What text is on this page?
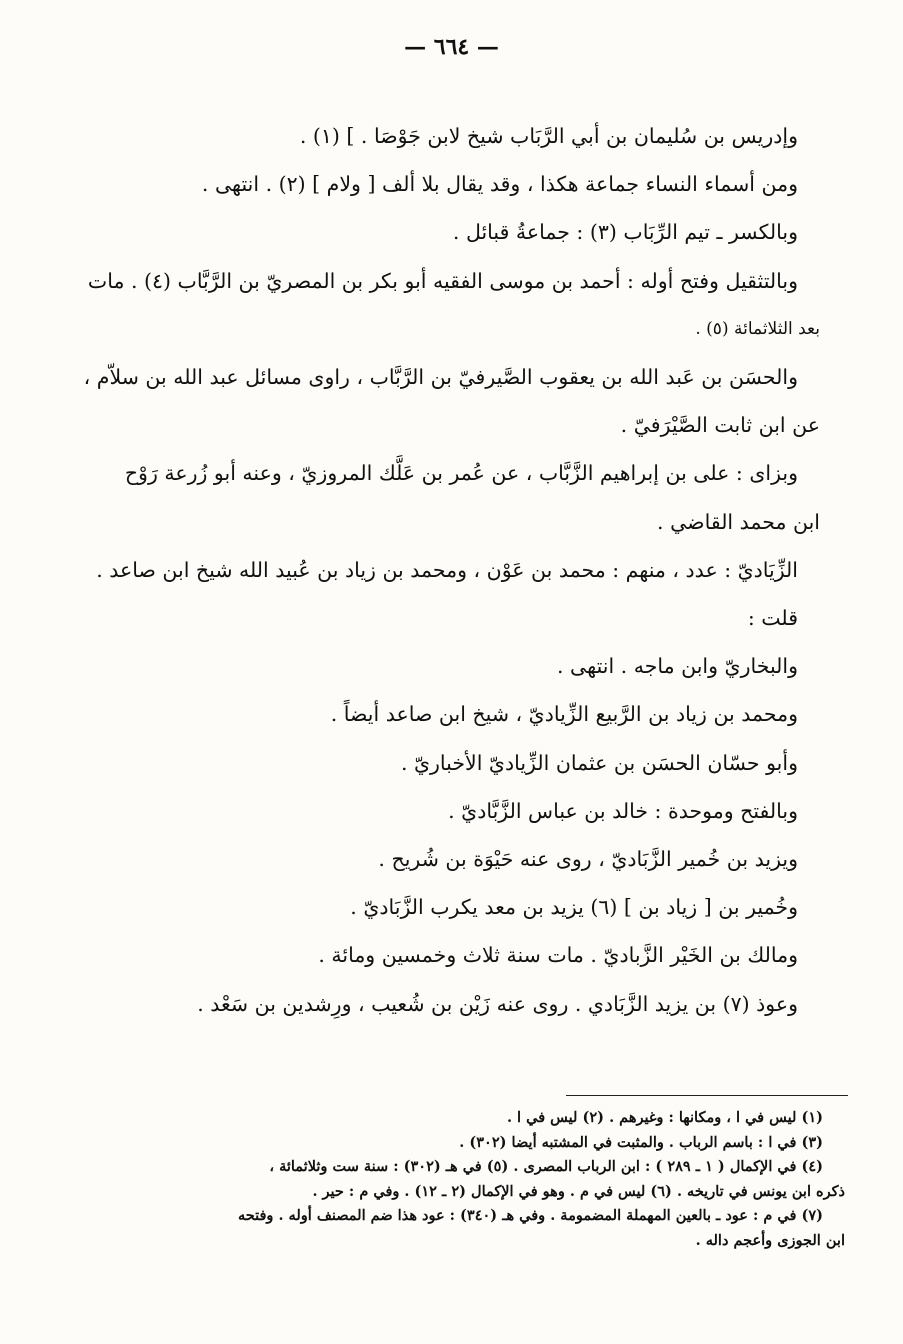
— ٦٦٤ —
وإدريس بن سُليمان بن أبي الرَّبَاب شيخ لابن جَوْصَا . ] (١) .
ومن أسماء النساء جماعة هكذا ، وقد يقال بلا ألف [ ولام ] (٢) . انتهى .
وبالكسر ـ تيم الرِّبَاب (٣) : جماعةُ قبائل .
وبالتثقيل وفتح أوله : أحمد بن موسى الفقيه أبو بكر بن المصريّ بن الرَّبَّاب (٤) . مات
بعد الثلاثمائة (٥) .
والحسَن بن عَبد الله بن يعقوب الصَّيرفيّ بن الرَّبَّاب ، راوى مسائل عبد الله بن سلاّم ،
عن ابن ثابت الصَّيْرَفيّ .
وبزاى : على بن إبراهيم الزَّبَّاب ، عن عُمر بن عَلَّك المروزيّ ، وعنه أبو زُرعة رَوْح
ابن محمد القاضي .
الزِّيَاديّ : عدد ، منهم : محمد بن عَوْن ، ومحمد بن زياد بن عُبيد الله شيخ ابن صاعد .
قلت :
والبخاريّ وابن ماجه . انتهى .
ومحمد بن زياد بن الرَّبيع الزِّياديّ ، شيخ ابن صاعد أيضاً .
وأبو حسّان الحسَن بن عثمان الزِّياديّ الأخباريّ .
وبالفتح وموحدة : خالد بن عباس الزَّبَّاديّ .
ويزيد بن خُمير الزَّبَاديّ ، روى عنه حَيْوَة بن شُريح .
وخُمير بن [ زياد بن ] (٦) يزيد بن معد يكرب الزَّبَاديّ .
ومالك بن الخَيْر الزَّباديّ . مات سنة ثلاث وخمسين ومائة .
وعوذ (٧) بن يزيد الزَّبَادي . روى عنه زَيْن بن شُعيب ، ورِشدين بن سَعْد .
(١) ليس في ا ، ومكانها : وغيرهم . (٢) ليس في ا .
(٣) في ا : باسم الرباب . والمثبت في المشتبه أيضا (٣٠٢) .
(٤) في الإكمال ( ١ ـ ٢٨٩ ) : ابن الرباب المصرى . (٥) في هـ (٣٠٢) : سنة ست وثلاثمائة ،
ذكره ابن يونس في تاريخه . (٦) ليس في م . وهو في الإكمال (٢ ـ ١٢) . وفي م : حير .
(٧) في م : عود ـ بالعين المهملة المضمومة . وفي هـ (٣٤٠) : عود هذا ضم المصنف أوله . وفتحه
ابن الجوزى وأعجم داله .
